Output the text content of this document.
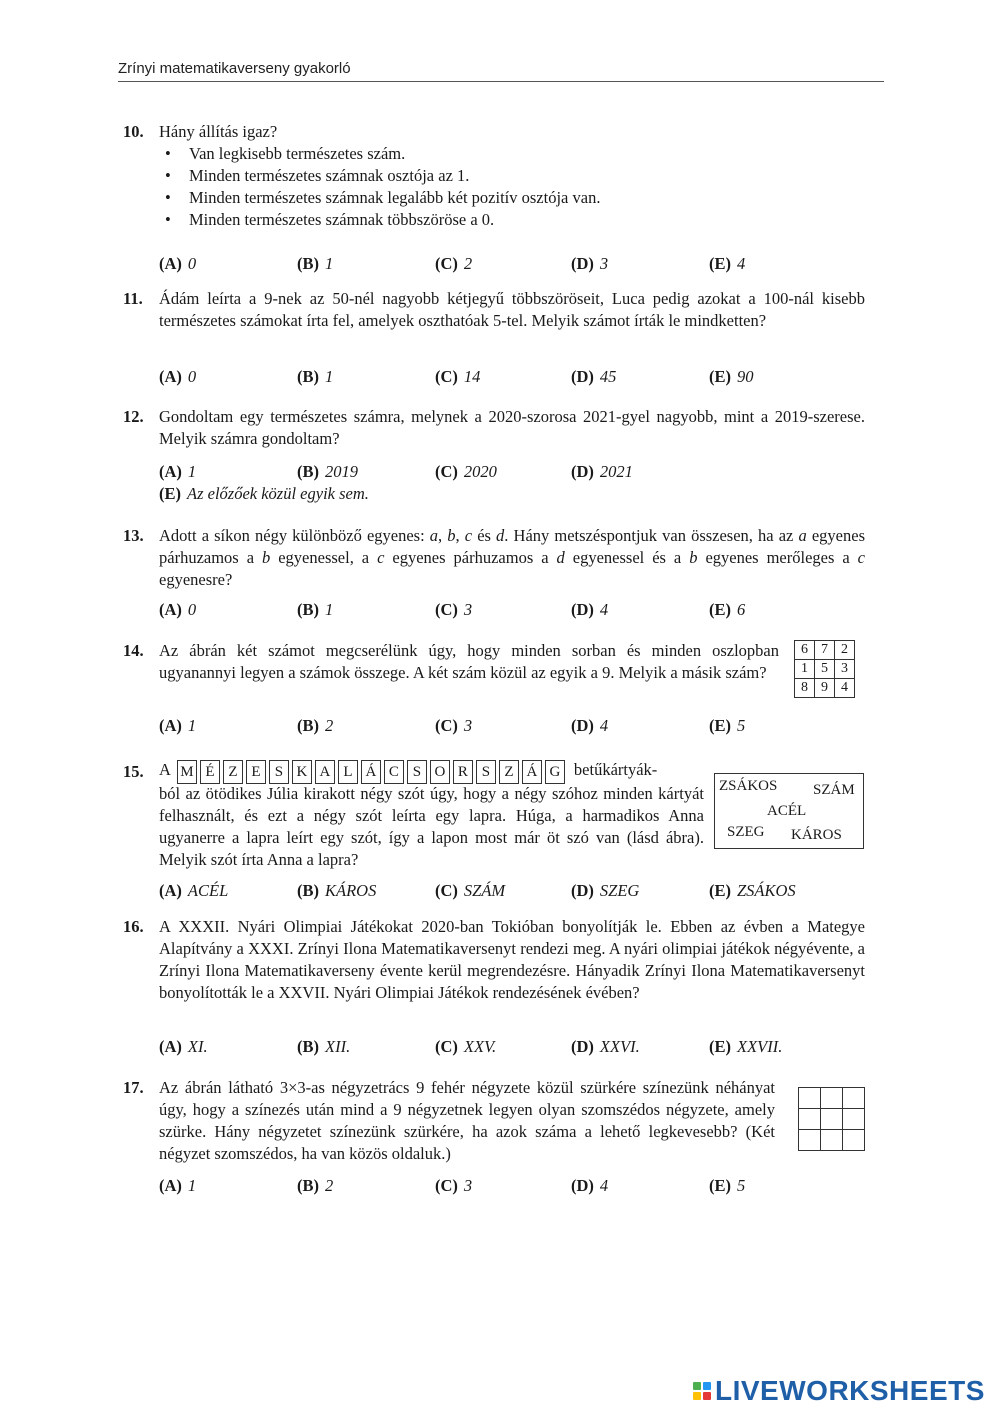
Zrínyi matematikaverseny gyakorló
10. Hány állítás igaz?
• Van legkisebb természetes szám.
• Minden természetes számnak osztója az 1.
• Minden természetes számnak legalább két pozitív osztója van.
• Minden természetes számnak többszöröse a 0.
(A) 0	(B) 1	(C) 2	(D) 3	(E) 4
11. Ádám leírta a 9-nek az 50-nél nagyobb kétjegyű többszöröseit, Luca pedig azokat a 100-nál kisebb természetes számokat írta fel, amelyek oszthatóak 5-tel. Melyik számot írták le mindketten?
(A) 0	(B) 1	(C) 14	(D) 45	(E) 90
12. Gondoltam egy természetes számra, melynek a 2020-szorosa 2021-gyel nagyobb, mint a 2019-szerese. Melyik számra gondoltam?
(A) 1	(B) 2019	(C) 2020	(D) 2021
(E) Az előzőek közül egyik sem.
13. Adott a síkon négy különböző egyenes: a, b, c és d. Hány metszéspontjuk van összesen, ha az a egyenes párhuzamos a b egyenessel, a c egyenes párhuzamos a d egyenessel és a b egyenes merőleges a c egyenesre?
(A) 0	(B) 1	(C) 3	(D) 4	(E) 6
14. Az ábrán két számot megcserélünk úgy, hogy minden sorban és minden oszlopban ugyanannyi legyen a számok összege. A két szám közül az egyik a 9. Melyik a másik szám?
(A) 1	(B) 2	(C) 3	(D) 4	(E) 5
6	7	2
1	5	3
8	9	4
15. A M É Z E S K A L Á C S O R S Z Á G betűkártyák-
ból az ötödikes Júlia kirakott négy szót úgy, hogy a négy szóhoz minden kártyát felhasznált, és ezt a négy szót leírta egy lapra. Húga, a harmadikos Anna ugyanerre a lapra leírt egy szót, így a lapon most már öt szó van (lásd ábra). Melyik szót írta Anna a lapra?
(A) ACÉL	(B) KÁROS	(C) SZÁM	(D) SZEG	(E) ZSÁKOS
ZSÁKOS SZÁM
ACÉL
SZEG KÁROS
16. A XXXII. Nyári Olimpiai Játékokat 2020-ban Tokióban bonyolítják le. Ebben az évben a Mategye Alapítvány a XXXI. Zrínyi Ilona Matematikaversenyt rendezi meg. A nyári olimpiai játékok négyévente, a Zrínyi Ilona Matematikaverseny évente kerül megrendezésre. Hányadik Zrínyi Ilona Matematikaversenyt bonyolították le a XXVII. Nyári Olimpiai Játékok rendezésének évében?
(A) XI.	(B) XII.	(C) XXV.	(D) XXVI.	(E) XXVII.
17. Az ábrán látható 3×3-as négyzetrács 9 fehér négyzete közül szürkére színezünk néhányat úgy, hogy a színezés után mind a 9 négyzetnek legyen olyan szomszédos négyzete, amely szürke. Hány négyzetet színezünk szürkére, ha azok száma a lehető legkevesebb? (Két négyzet szomszédos, ha van közös oldaluk.)
(A) 1	(B) 2	(C) 3	(D) 4	(E) 5

LIVEWORKSHEETS
